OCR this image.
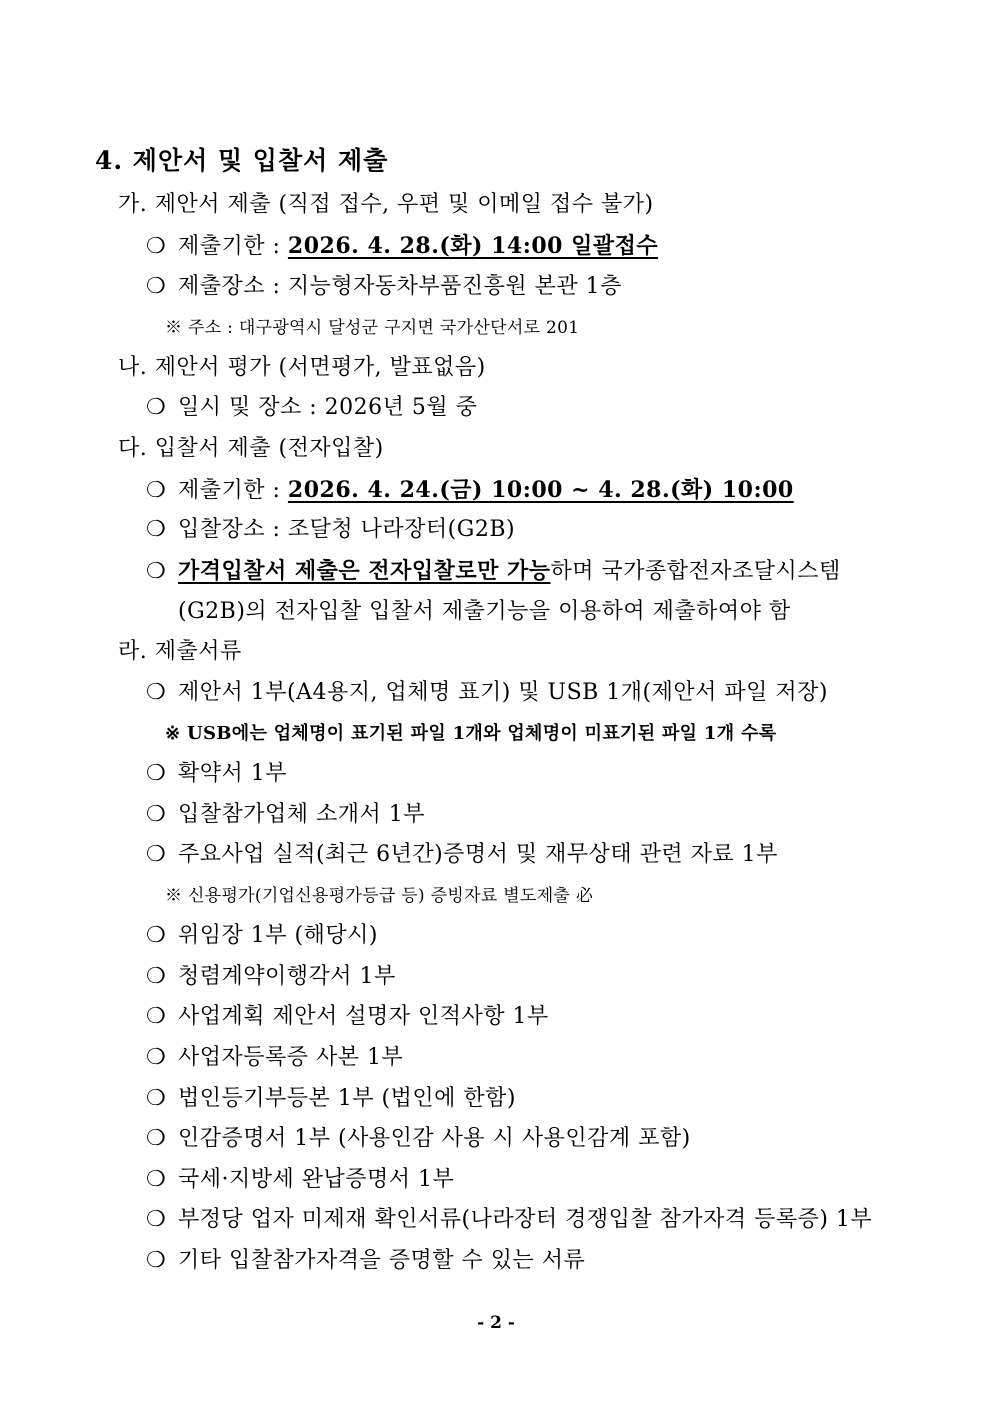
4. 제안서 및 입찰서 제출
가. 제안서 제출 (직접 접수, 우편 및 이메일 접수 불가)
❍ 제출기한 : 2026. 4. 28.(화) 14:00 일괄접수
❍ 제출장소 : 지능형자동차부품진흥원 본관 1층
※ 주소 : 대구광역시 달성군 구지면 국가산단서로 201
나. 제안서 평가 (서면평가, 발표없음)
❍ 일시 및 장소 : 2026년 5월 중
다. 입찰서 제출 (전자입찰)
❍ 제출기한 : 2026. 4. 24.(금) 10:00 ~ 4. 28.(화) 10:00
❍ 입찰장소 : 조달청 나라장터(G2B)
❍ 가격입찰서 제출은 전자입찰로만 가능하며 국가종합전자조달시스템
(G2B)의 전자입찰 입찰서 제출기능을 이용하여 제출하여야 함
라. 제출서류
❍ 제안서 1부(A4용지, 업체명 표기) 및 USB 1개(제안서 파일 저장)
※ USB에는 업체명이 표기된 파일 1개와 업체명이 미표기된 파일 1개 수록
❍ 확약서 1부
❍ 입찰참가업체 소개서 1부
❍ 주요사업 실적(최근 6년간)증명서 및 재무상태 관련 자료 1부
※ 신용평가(기업신용평가등급 등) 증빙자료 별도제출 必
❍ 위임장 1부 (해당시)
❍ 청렴계약이행각서 1부
❍ 사업계획 제안서 설명자 인적사항 1부
❍ 사업자등록증 사본 1부
❍ 법인등기부등본 1부 (법인에 한함)
❍ 인감증명서 1부 (사용인감 사용 시 사용인감계 포함)
❍ 국세·지방세 완납증명서 1부
❍ 부정당 업자 미제재 확인서류(나라장터 경쟁입찰 참가자격 등록증) 1부
❍ 기타 입찰참가자격을 증명할 수 있는 서류
- 2 -
